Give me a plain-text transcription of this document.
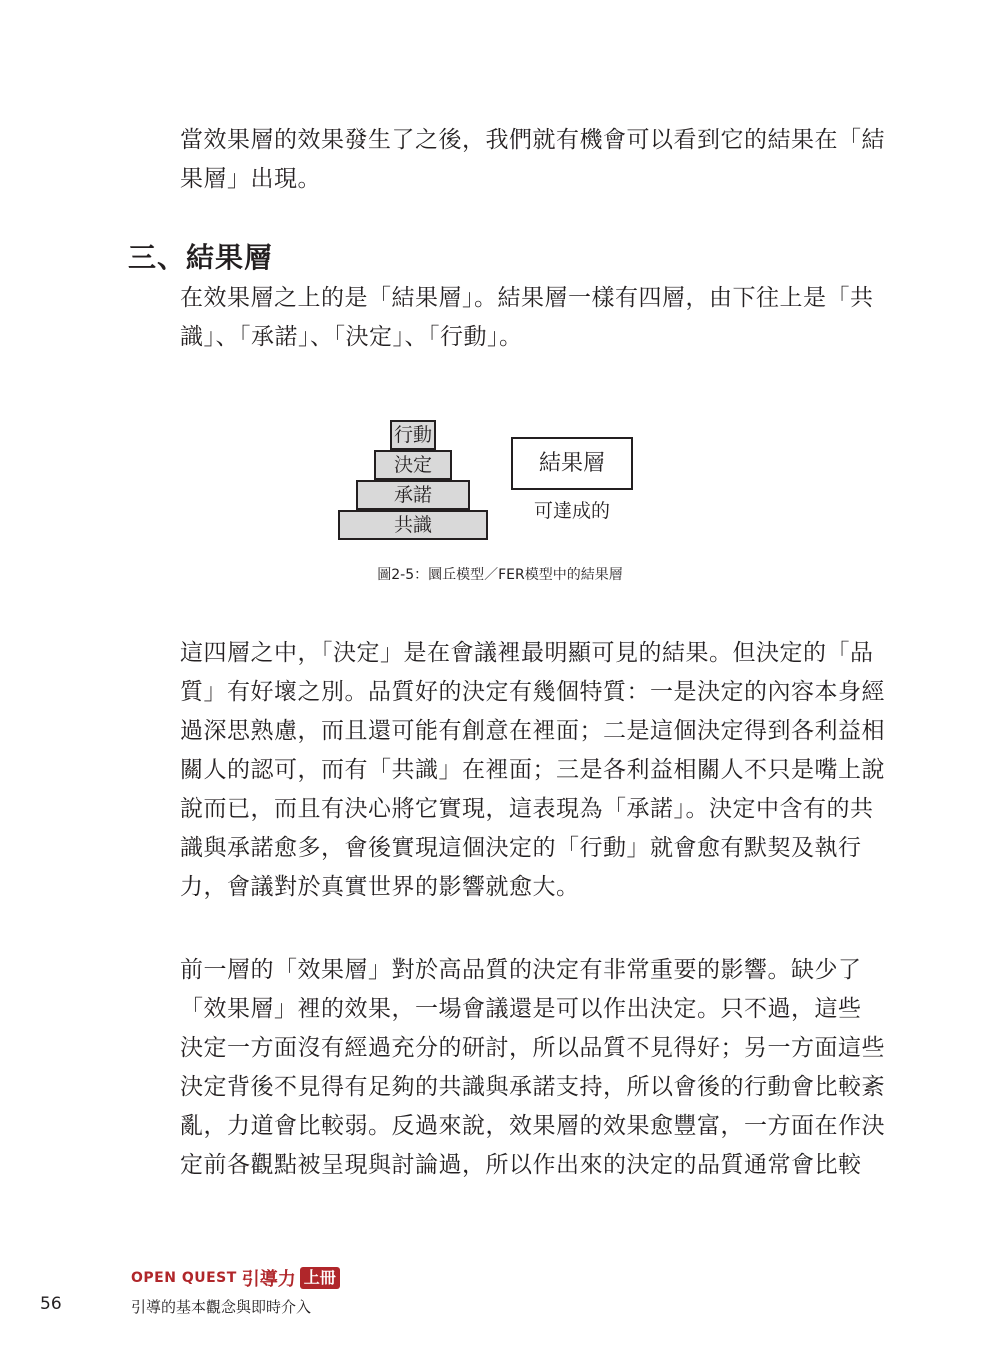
當效果層的效果發生了之後，我們就有機會可以看到它的結果在「結

果層」出現。

三、結果層

在效果層之上的是「結果層」。結果層一樣有四層，由下往上是「共

識」、「承諾」、「決定」、「行動」。

行動
決定
承諾
共識
結果層
可達成的
圖2-5：圜丘模型／FER模型中的結果層

這四層之中，「決定」是在會議裡最明顯可見的結果。但決定的「品

質」有好壞之別。品質好的決定有幾個特質：一是決定的內容本身經

過深思熟慮，而且還可能有創意在裡面；二是這個決定得到各利益相

關人的認可，而有「共識」在裡面；三是各利益相關人不只是嘴上說

說而已，而且有決心將它實現，這表現為「承諾」。決定中含有的共

識與承諾愈多，會後實現這個決定的「行動」就會愈有默契及執行

力，會議對於真實世界的影響就愈大。

前一層的「效果層」對於高品質的決定有非常重要的影響。缺少了

「效果層」裡的效果，一場會議還是可以作出決定。只不過，這些

決定一方面沒有經過充分的研討，所以品質不見得好；另一方面這些

決定背後不見得有足夠的共識與承諾支持，所以會後的行動會比較紊

亂，力道會比較弱。反過來說，效果層的效果愈豐富，一方面在作決

定前各觀點被呈現與討論過，所以作出來的決定的品質通常會比較

OPEN QUEST 引導力 上冊
56	引導的基本觀念與即時介入
